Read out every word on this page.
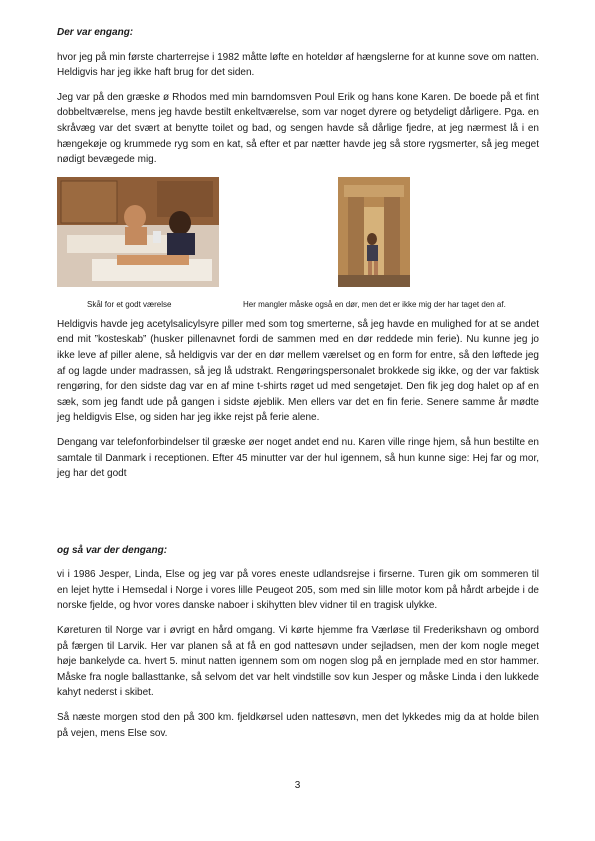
Der var engang:

hvor jeg på min første charterrejse i 1982 måtte løfte en hoteldør af hængslerne for at kunne sove om natten. Heldigvis har jeg ikke haft brug for det siden.

Jeg var på den græske ø Rhodos med min barndomsven Poul Erik og hans kone Karen. De boede på et fint dobbeltværelse, mens jeg havde bestilt enkeltværelse, som var noget dyrere og betydeligt dårligere. Pga. en skråvæg var det svært at benytte toilet og bad, og sengen havde så dårlige fjedre, at jeg nærmest lå i en hængekøje og krummede ryg som en kat, så efter et par nætter havde jeg så store rygsmerter, så jeg meget nødigt bevægede mig.

Skål for et godt værelse	Her mangler måske også en dør, men det er ikke mig der har taget den af.

Heldigvis havde jeg acetylsalicylsyre piller med som tog smerterne, så jeg havde en mulighed for at se andet end mit ”kosteskab” (husker pillenavnet fordi de sammen med en dør reddede min ferie). Nu kunne jeg jo ikke leve af piller alene, så heldigvis var der en dør mellem værelset og en form for entre, så den løftede jeg af og lagde under madrassen, så jeg lå udstrakt. Rengøringspersonalet brokkede sig ikke, og der var faktisk rengøring, for den sidste dag var en af mine t-shirts røget ud med sengetøjet. Den fik jeg dog halet op af en sæk, som jeg fandt ude på gangen i sidste øjeblik. Men ellers var det en fin ferie. Senere samme år mødte jeg heldigvis Else, og siden har jeg ikke rejst på ferie alene.

Dengang var telefonforbindelser til græske øer noget andet end nu. Karen ville ringe hjem, så hun bestilte en samtale til Danmark i receptionen. Efter 45 minutter var der hul igennem, så hun kunne sige: Hej far og mor, jeg har det godt

og så var der dengang:

vi i 1986 Jesper, Linda, Else og jeg var på vores eneste udlandsrejse i firserne. Turen gik om sommeren til en lejet hytte i Hemsedal i Norge i vores lille Peugeot 205, som med sin lille motor kom på hårdt arbejde i de norske fjelde, og hvor vores danske naboer i skihytten blev vidner til en tragisk ulykke.

Køreturen til Norge var i øvrigt en hård omgang. Vi kørte hjemme fra Værløse til Frederikshavn og ombord på færgen til Larvik. Her var planen så at få en god nattesøvn under sejladsen, men der kom nogle meget høje bankelyde ca. hvert 5. minut natten igennem som om nogen slog på en jernplade med en stor hammer. Måske fra nogle ballasttanke, så selvom det var helt vindstille sov kun Jesper og måske Linda i den lukkede kahyt nederst i skibet.

Så næste morgen stod den på 300 km. fjeldkørsel uden nattesøvn, men det lykkedes mig da at holde bilen på vejen, mens Else sov.

3
